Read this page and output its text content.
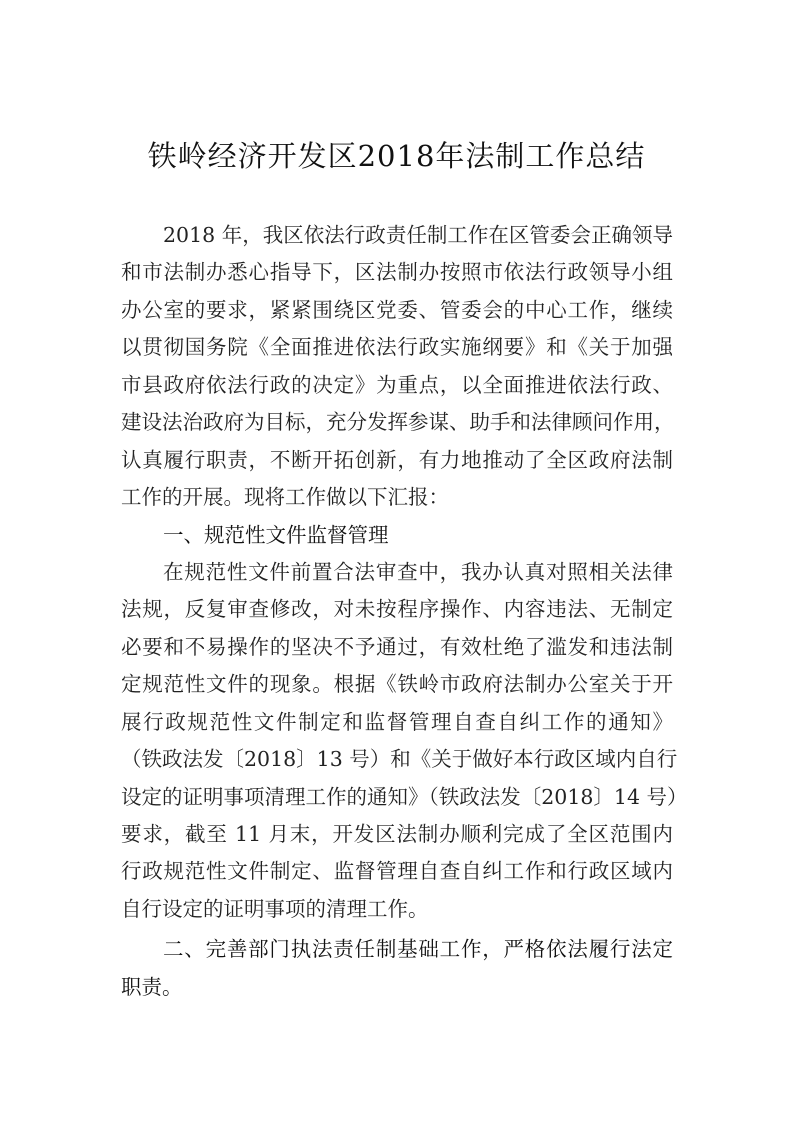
铁岭经济开发区2018年法制工作总结
2018 年，我区依法行政责任制工作在区管委会正确领导
和市法制办悉心指导下，区法制办按照市依法行政领导小组
办公室的要求，紧紧围绕区党委、管委会的中心工作，继续
以贯彻国务院《全面推进依法行政实施纲要》和《关于加强
市县政府依法行政的决定》为重点，以全面推进依法行政、
建设法治政府为目标，充分发挥参谋、助手和法律顾问作用，
认真履行职责，不断开拓创新，有力地推动了全区政府法制
工作的开展。现将工作做以下汇报：
一、规范性文件监督管理
在规范性文件前置合法审查中，我办认真对照相关法律
法规，反复审查修改，对未按程序操作、内容违法、无制定
必要和不易操作的坚决不予通过，有效杜绝了滥发和违法制
定规范性文件的现象。根据《铁岭市政府法制办公室关于开
展行政规范性文件制定和监督管理自查自纠工作的通知》
（铁政法发〔2018〕13 号）和《关于做好本行政区域内自行
设定的证明事项清理工作的通知》（铁政法发〔2018〕14 号）
要求，截至 11 月末，开发区法制办顺利完成了全区范围内
行政规范性文件制定、监督管理自查自纠工作和行政区域内
自行设定的证明事项的清理工作。
二、完善部门执法责任制基础工作，严格依法履行法定
职责。
